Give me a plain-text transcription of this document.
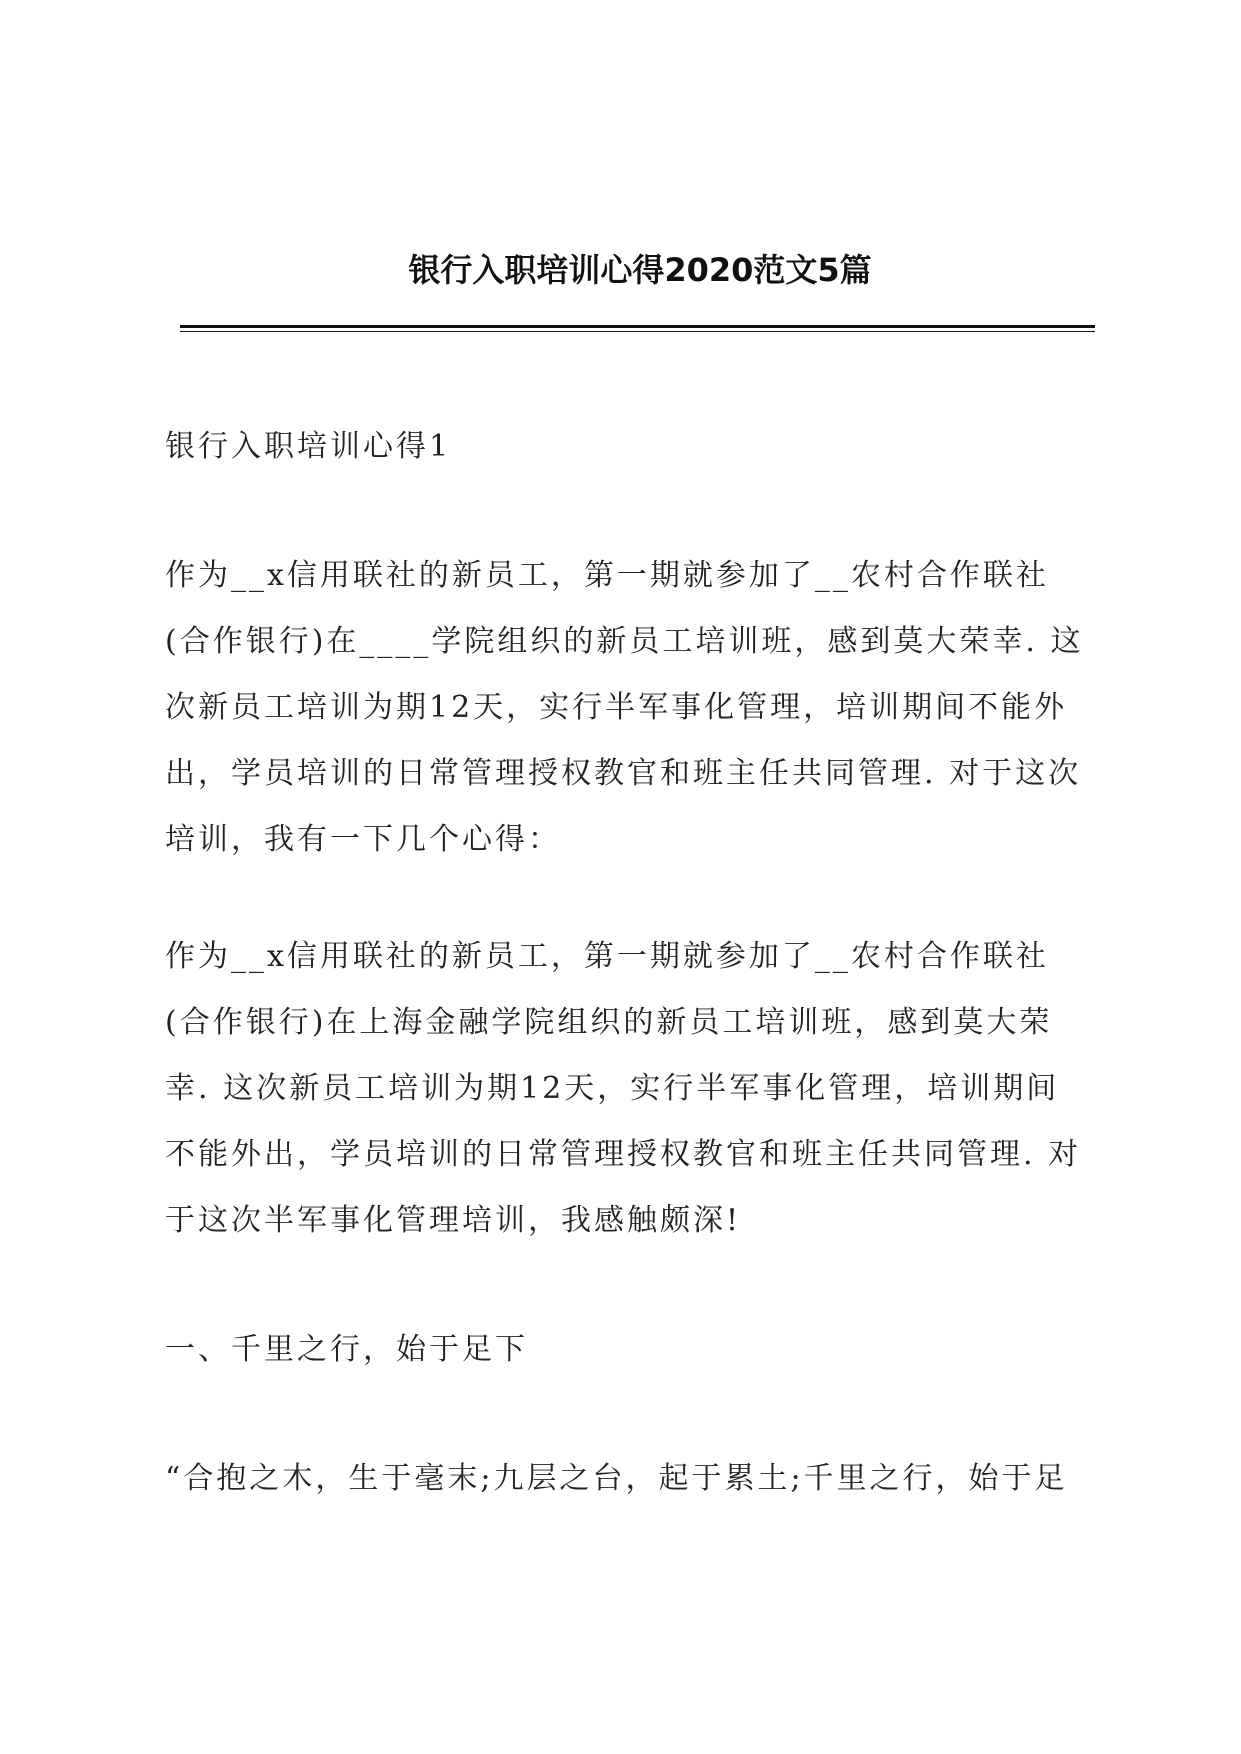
银行入职培训心得2020范文5篇

银行入职培训心得1

作为__x信用联社的新员工，第一期就参加了__农村合作联社
(合作银行)在____学院组织的新员工培训班，感到莫大荣幸. 这
次新员工培训为期12天，实行半军事化管理，培训期间不能外
出，学员培训的日常管理授权教官和班主任共同管理. 对于这次
培训，我有一下几个心得：

作为__x信用联社的新员工，第一期就参加了__农村合作联社
(合作银行)在上海金融学院组织的新员工培训班，感到莫大荣
幸. 这次新员工培训为期12天，实行半军事化管理，培训期间
不能外出，学员培训的日常管理授权教官和班主任共同管理. 对
于这次半军事化管理培训，我感触颇深!

一、千里之行，始于足下

“合抱之木，生于毫末;九层之台，起于累土;千里之行，始于足
